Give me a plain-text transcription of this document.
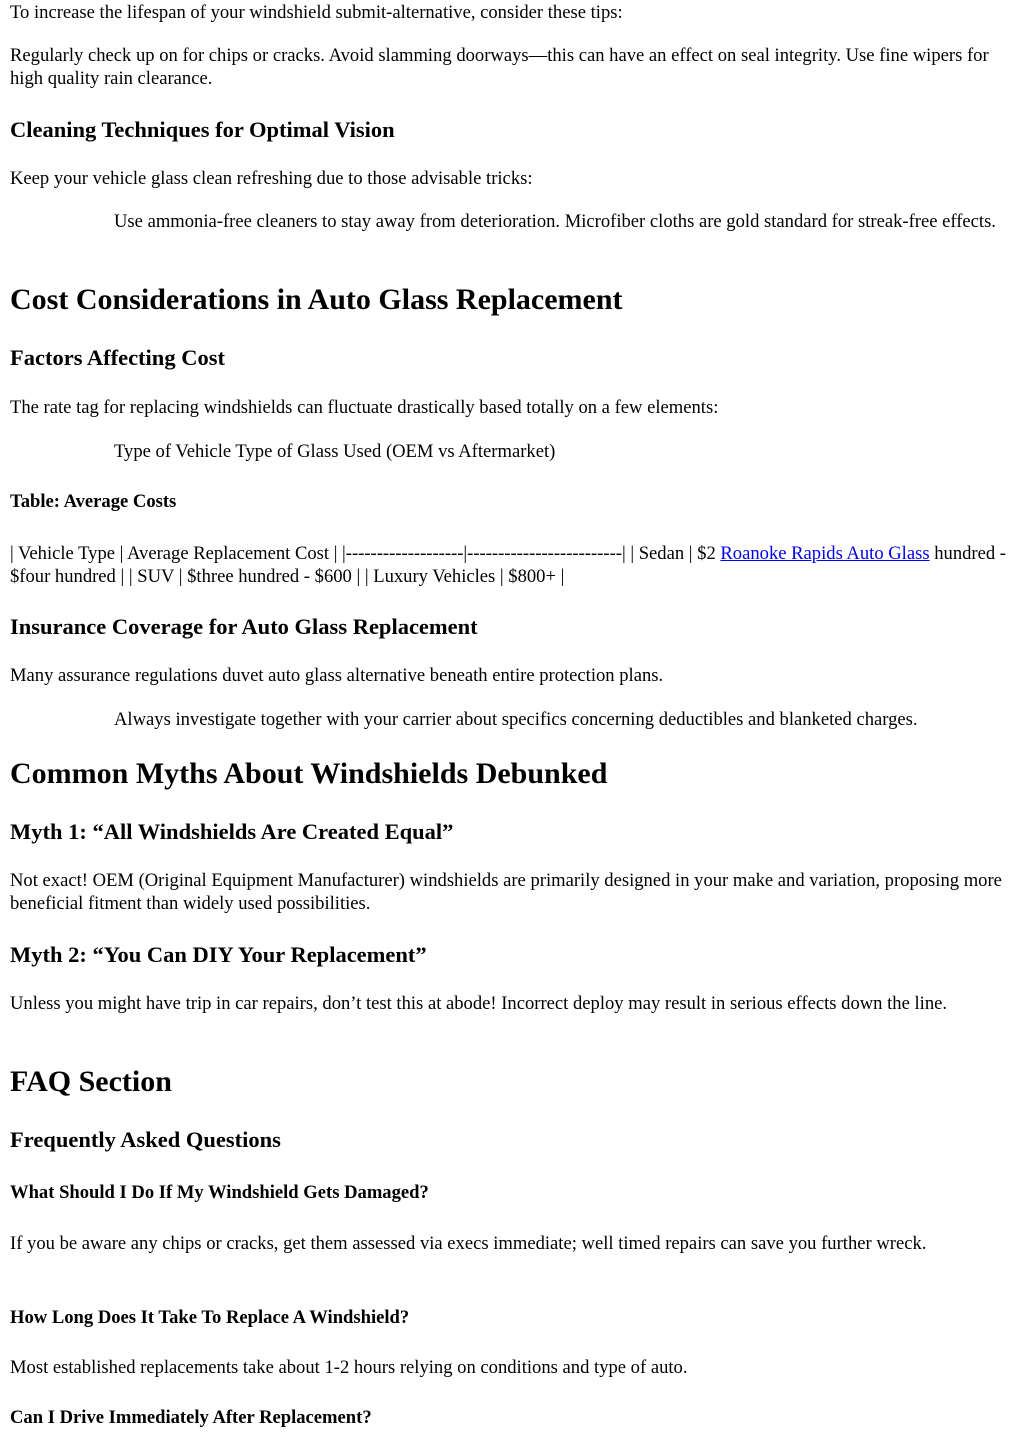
To increase the lifespan of your windshield submit-alternative, consider these tips:

Regularly check up on for chips or cracks. Avoid slamming doorways—this can have an effect on seal integrity. Use fine wipers for high quality rain clearance.

Cleaning Techniques for Optimal Vision

Keep your vehicle glass clean refreshing due to those advisable tricks:

Use ammonia-free cleaners to stay away from deterioration. Microfiber cloths are gold standard for streak-free effects.
Cost Considerations in Auto Glass Replacement
Factors Affecting Cost

The rate tag for replacing windshields can fluctuate drastically based totally on a few elements:

Type of Vehicle Type of Glass Used (OEM vs Aftermarket)
Table: Average Costs

| Vehicle Type | Average Replacement Cost | |-------------------|-------------------------| | Sedan | $2 Roanoke Rapids Auto Glass hundred - $four hundred | | SUV | $three hundred - $600 | | Luxury Vehicles | $800+ |

Insurance Coverage for Auto Glass Replacement

Many assurance regulations duvet auto glass alternative beneath entire protection plans.

Always investigate together with your carrier about specifics concerning deductibles and blanketed charges.
Common Myths About Windshields Debunked
Myth 1: “All Windshields Are Created Equal”

Not exact! OEM (Original Equipment Manufacturer) windshields are primarily designed in your make and variation, proposing more beneficial fitment than widely used possibilities.

Myth 2: “You Can DIY Your Replacement”

Unless you might have trip in car repairs, don’t test this at abode! Incorrect deploy may result in serious effects down the line.

FAQ Section
Frequently Asked Questions
What Should I Do If My Windshield Gets Damaged?

If you be aware any chips or cracks, get them assessed via execs immediate; well timed repairs can save you further wreck.

How Long Does It Take To Replace A Windshield?

Most established replacements take about 1-2 hours relying on conditions and type of auto.

Can I Drive Immediately After Replacement?
